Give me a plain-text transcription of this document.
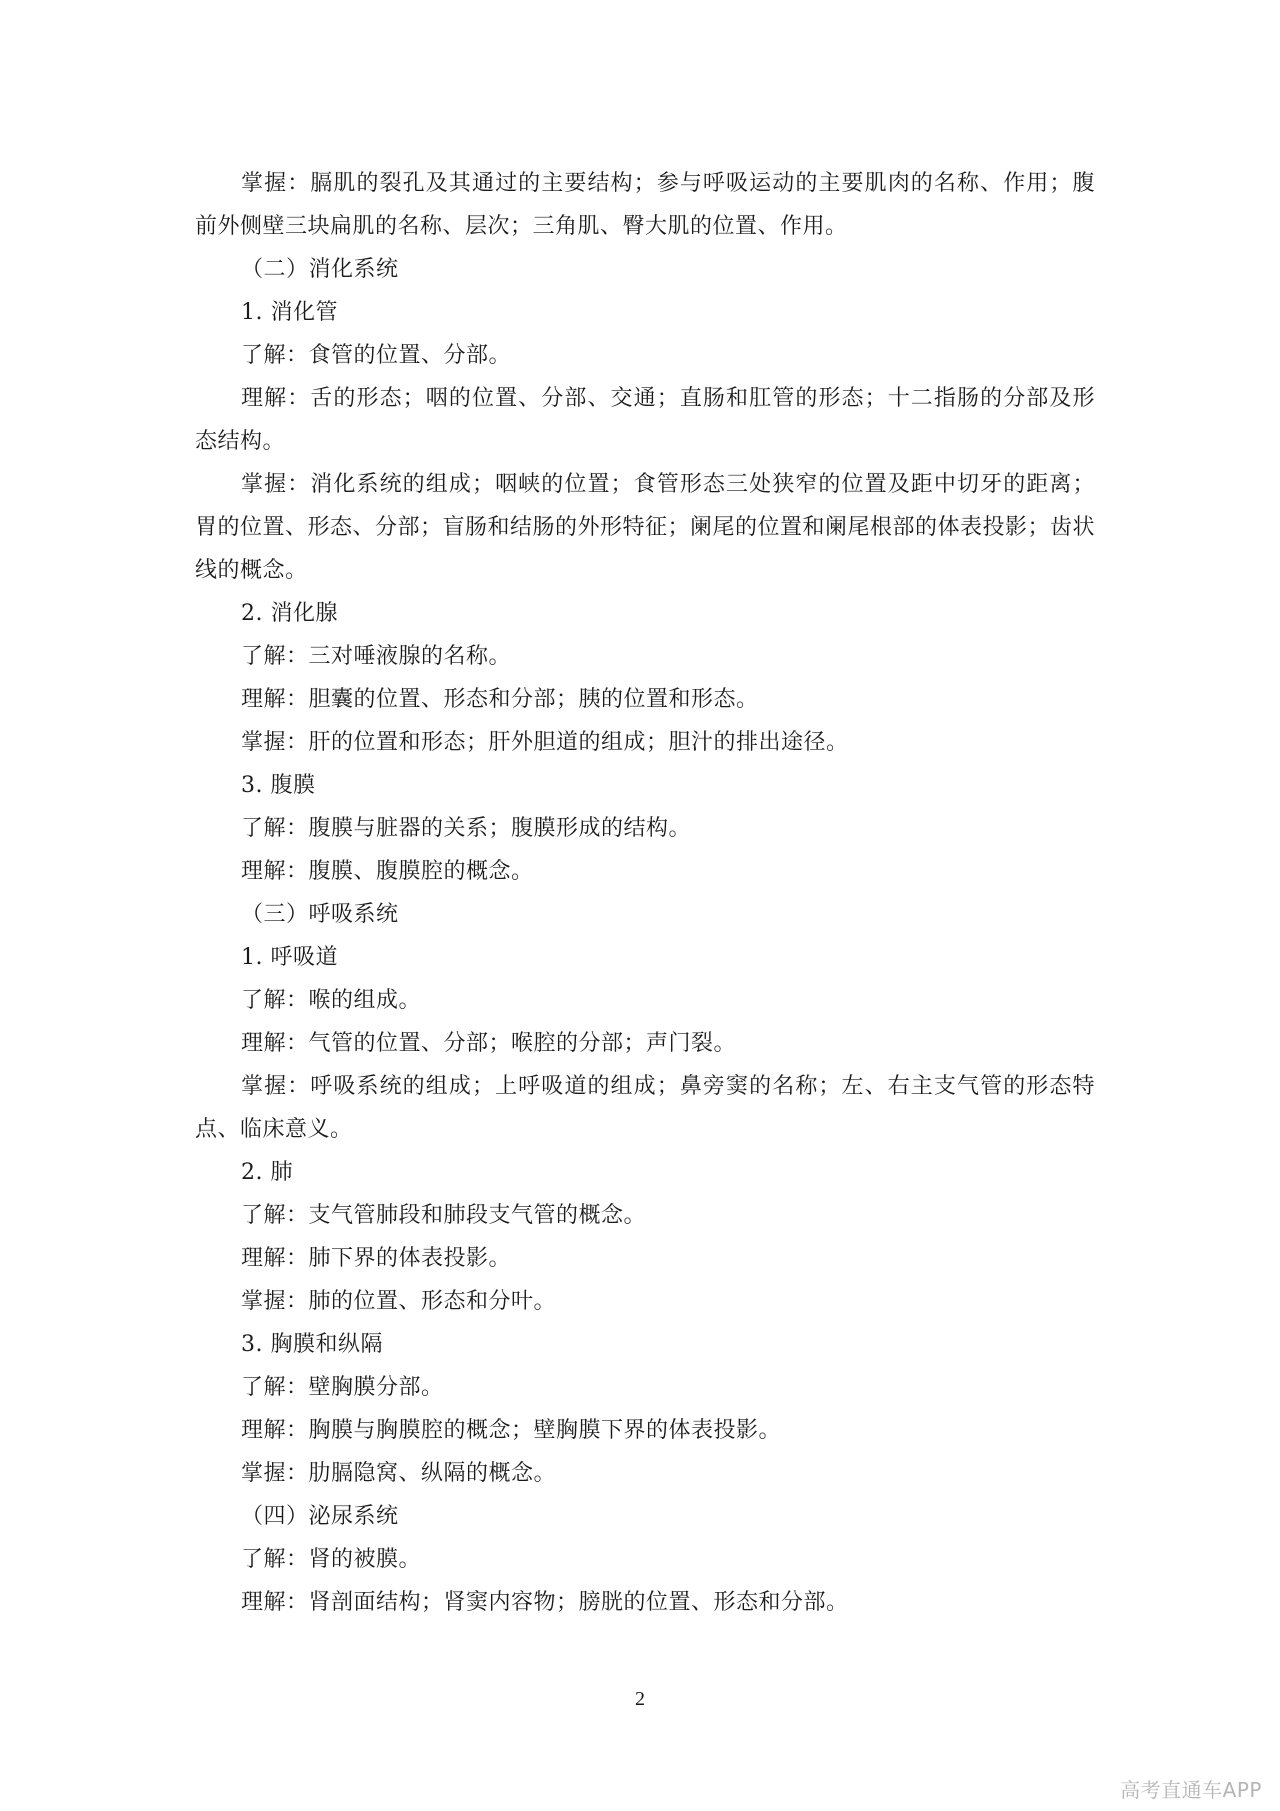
掌握：膈肌的裂孔及其通过的主要结构；参与呼吸运动的主要肌肉的名称、作用；腹前外侧壁三块扁肌的名称、层次；三角肌、臀大肌的位置、作用。

（二）消化系统

1. 消化管

了解：食管的位置、分部。

理解：舌的形态；咽的位置、分部、交通；直肠和肛管的形态；十二指肠的分部及形态结构。

掌握：消化系统的组成；咽峡的位置；食管形态三处狭窄的位置及距中切牙的距离；胃的位置、形态、分部；盲肠和结肠的外形特征；阑尾的位置和阑尾根部的体表投影；齿状线的概念。

2. 消化腺

了解：三对唾液腺的名称。

理解：胆囊的位置、形态和分部；胰的位置和形态。

掌握：肝的位置和形态；肝外胆道的组成；胆汁的排出途径。

3. 腹膜

了解：腹膜与脏器的关系；腹膜形成的结构。

理解：腹膜、腹膜腔的概念。

（三）呼吸系统

1. 呼吸道

了解：喉的组成。

理解：气管的位置、分部；喉腔的分部；声门裂。

掌握：呼吸系统的组成；上呼吸道的组成；鼻旁窦的名称；左、右主支气管的形态特点、临床意义。

2. 肺

了解：支气管肺段和肺段支气管的概念。

理解：肺下界的体表投影。

掌握：肺的位置、形态和分叶。

3. 胸膜和纵隔

了解：壁胸膜分部。

理解：胸膜与胸膜腔的概念；壁胸膜下界的体表投影。

掌握：肋膈隐窝、纵隔的概念。

（四）泌尿系统

了解：肾的被膜。

理解：肾剖面结构；肾窦内容物；膀胱的位置、形态和分部。

2
高考直通车APP
